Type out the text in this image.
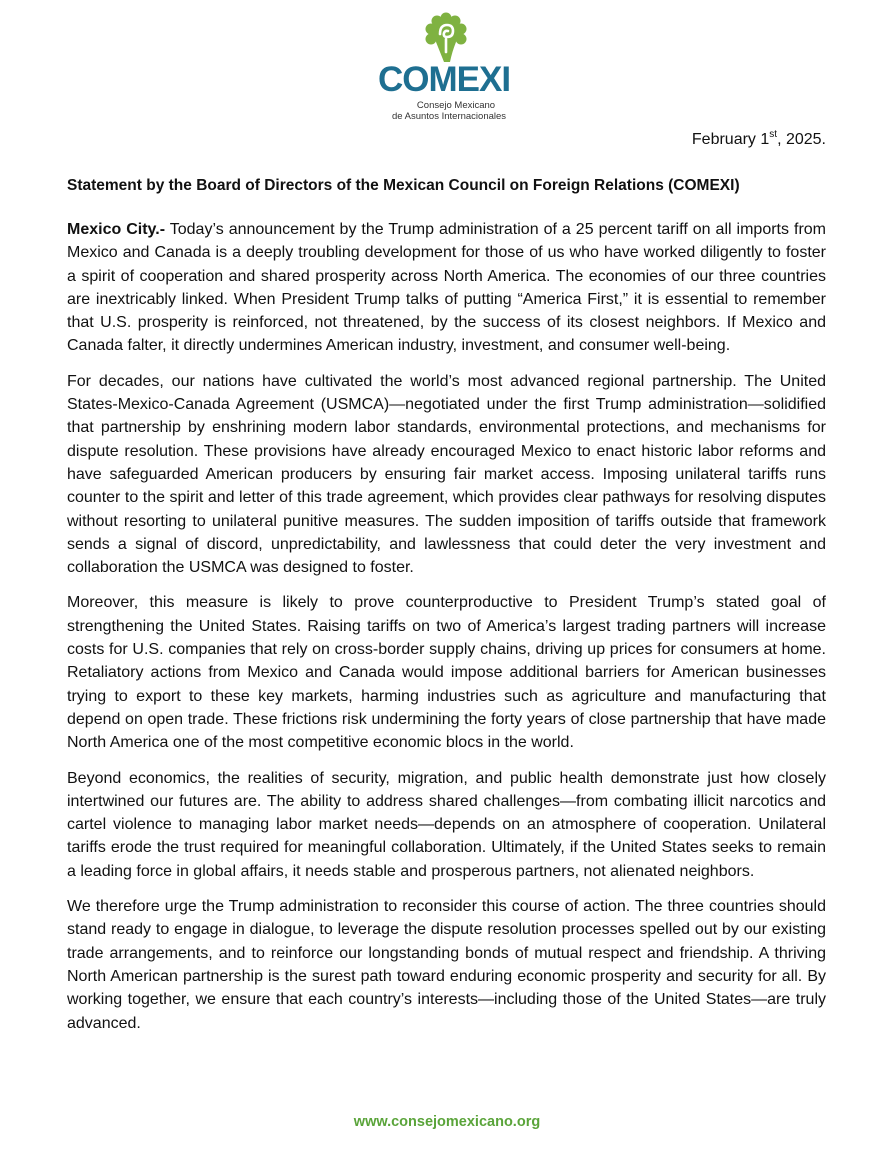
COMEXI
Consejo Mexicano
de Asuntos Internacionales
February 1st, 2025.
Statement by the Board of Directors of the Mexican Council on Foreign Relations (COMEXI)

Mexico City.- Today’s announcement by the Trump administration of a 25 percent tariff on all imports from Mexico and Canada is a deeply troubling development for those of us who have worked diligently to foster a spirit of cooperation and shared prosperity across North America. The economies of our three countries are inextricably linked. When President Trump talks of putting “America First,” it is essential to remember that U.S. prosperity is reinforced, not threatened, by the success of its closest neighbors. If Mexico and Canada falter, it directly undermines American industry, investment, and consumer well-being.

For decades, our nations have cultivated the world’s most advanced regional partnership. The United States-Mexico-Canada Agreement (USMCA)—negotiated under the first Trump administration—solidified that partnership by enshrining modern labor standards, environmental protections, and mechanisms for dispute resolution. These provisions have already encouraged Mexico to enact historic labor reforms and have safeguarded American producers by ensuring fair market access. Imposing unilateral tariffs runs counter to the spirit and letter of this trade agreement, which provides clear pathways for resolving disputes without resorting to unilateral punitive measures. The sudden imposition of tariffs outside that framework sends a signal of discord, unpredictability, and lawlessness that could deter the very investment and collaboration the USMCA was designed to foster.

Moreover, this measure is likely to prove counterproductive to President Trump’s stated goal of strengthening the United States. Raising tariffs on two of America’s largest trading partners will increase costs for U.S. companies that rely on cross-border supply chains, driving up prices for consumers at home. Retaliatory actions from Mexico and Canada would impose additional barriers for American businesses trying to export to these key markets, harming industries such as agriculture and manufacturing that depend on open trade. These frictions risk undermining the forty years of close partnership that have made North America one of the most competitive economic blocs in the world.

Beyond economics, the realities of security, migration, and public health demonstrate just how closely intertwined our futures are. The ability to address shared challenges—from combating illicit narcotics and cartel violence to managing labor market needs—depends on an atmosphere of cooperation. Unilateral tariffs erode the trust required for meaningful collaboration. Ultimately, if the United States seeks to remain a leading force in global affairs, it needs stable and prosperous partners, not alienated neighbors.

We therefore urge the Trump administration to reconsider this course of action. The three countries should stand ready to engage in dialogue, to leverage the dispute resolution processes spelled out by our existing trade arrangements, and to reinforce our longstanding bonds of mutual respect and friendship. A thriving North American partnership is the surest path toward enduring economic prosperity and security for all. By working together, we ensure that each country’s interests—including those of the United States—are truly advanced.

www.consejomexicano.org
